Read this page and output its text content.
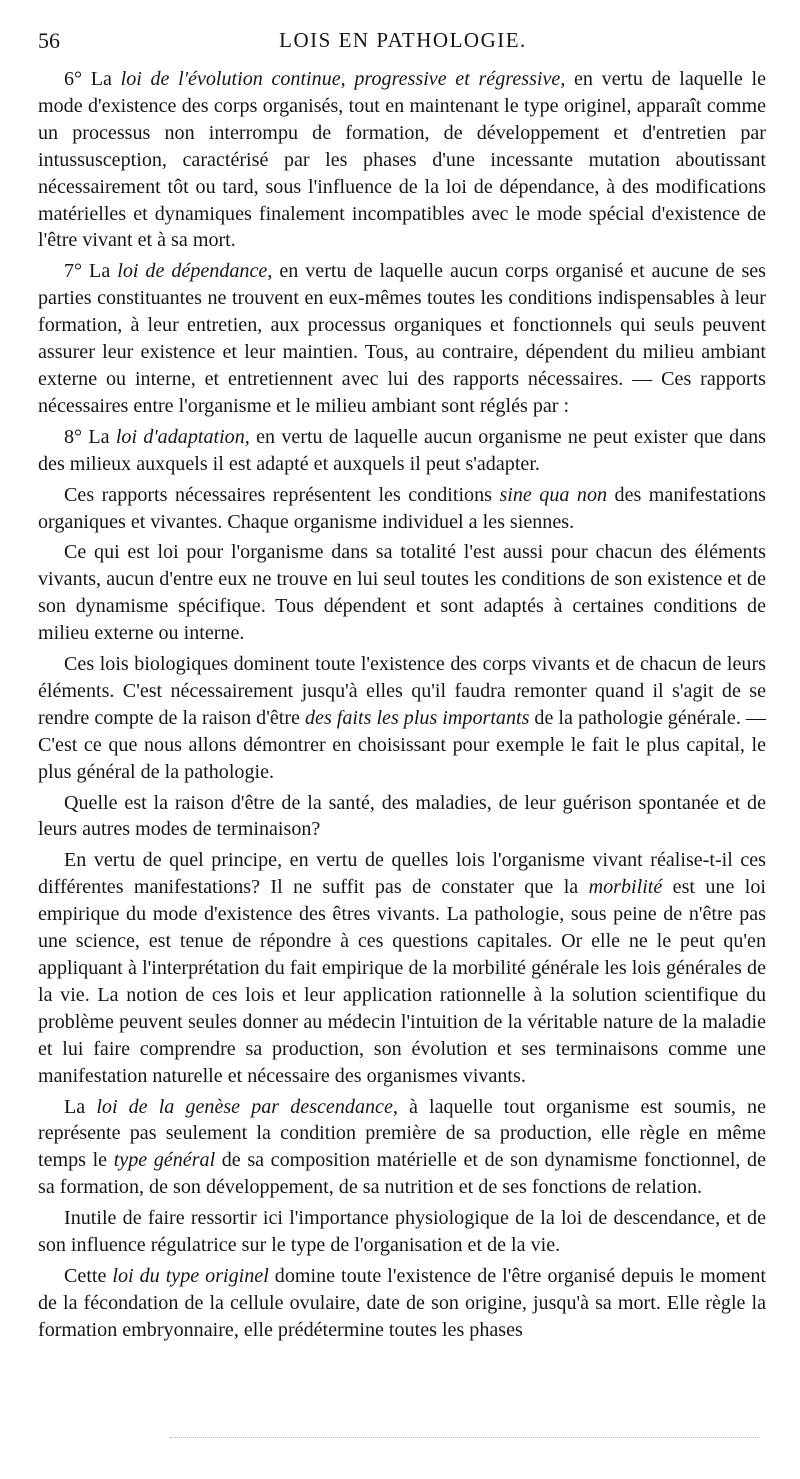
56	LOIS EN PATHOLOGIE.

6° La loi de l'évolution continue, progressive et régressive, en vertu de laquelle le mode d'existence des corps organisés, tout en maintenant le type originel, apparaît comme un processus non interrompu de formation, de développement et d'entretien par intussusception, caractérisé par les phases d'une incessante mutation aboutissant nécessairement tôt ou tard, sous l'influence de la loi de dépendance, à des modifications matérielles et dynamiques finalement incompatibles avec le mode spécial d'existence de l'être vivant et à sa mort.

7° La loi de dépendance, en vertu de laquelle aucun corps organisé et aucune de ses parties constituantes ne trouvent en eux-mêmes toutes les conditions indispensables à leur formation, à leur entretien, aux processus organiques et fonctionnels qui seuls peuvent assurer leur existence et leur maintien. Tous, au contraire, dépendent du milieu ambiant externe ou interne, et entretiennent avec lui des rapports nécessaires. — Ces rapports nécessaires entre l'organisme et le milieu ambiant sont réglés par :

8° La loi d'adaptation, en vertu de laquelle aucun organisme ne peut exister que dans des milieux auxquels il est adapté et auxquels il peut s'adapter.

Ces rapports nécessaires représentent les conditions sine qua non des manifestations organiques et vivantes. Chaque organisme individuel a les siennes.

Ce qui est loi pour l'organisme dans sa totalité l'est aussi pour chacun des éléments vivants, aucun d'entre eux ne trouve en lui seul toutes les conditions de son existence et de son dynamisme spécifique. Tous dépendent et sont adaptés à certaines conditions de milieu externe ou interne.

Ces lois biologiques dominent toute l'existence des corps vivants et de chacun de leurs éléments. C'est nécessairement jusqu'à elles qu'il faudra remonter quand il s'agit de se rendre compte de la raison d'être des faits les plus importants de la pathologie générale. — C'est ce que nous allons démontrer en choisissant pour exemple le fait le plus capital, le plus général de la pathologie.

Quelle est la raison d'être de la santé, des maladies, de leur guérison spontanée et de leurs autres modes de terminaison?

En vertu de quel principe, en vertu de quelles lois l'organisme vivant réalise-t-il ces différentes manifestations? Il ne suffit pas de constater que la morbilité est une loi empirique du mode d'existence des êtres vivants. La pathologie, sous peine de n'être pas une science, est tenue de répondre à ces questions capitales. Or elle ne le peut qu'en appliquant à l'interprétation du fait empirique de la morbilité générale les lois générales de la vie. La notion de ces lois et leur application rationnelle à la solution scientifique du problème peuvent seules donner au médecin l'intuition de la véritable nature de la maladie et lui faire comprendre sa production, son évolution et ses terminaisons comme une manifestation naturelle et nécessaire des organismes vivants.

La loi de la genèse par descendance, à laquelle tout organisme est soumis, ne représente pas seulement la condition première de sa production, elle règle en même temps le type général de sa composition matérielle et de son dynamisme fonctionnel, de sa formation, de son développement, de sa nutrition et de ses fonctions de relation.

Inutile de faire ressortir ici l'importance physiologique de la loi de descendance, et de son influence régulatrice sur le type de l'organisation et de la vie.

Cette loi du type originel domine toute l'existence de l'être organisé depuis le moment de la fécondation de la cellule ovulaire, date de son origine, jusqu'à sa mort. Elle règle la formation embryonnaire, elle prédétermine toutes les phases
